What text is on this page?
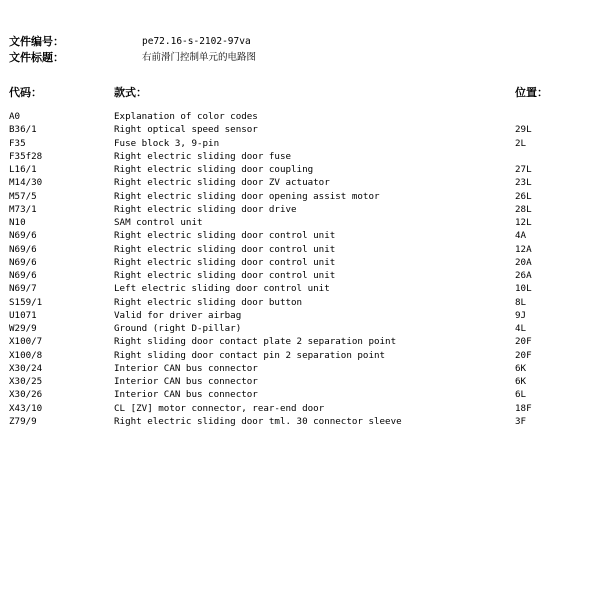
文件编号：	pe72.16-s-2102-97va
文件标题：	右前滑门控制单元的电路图
代码：	款式：	位置：
A0	Explanation of color codes
B36/1	Right optical speed sensor	29L
F35	Fuse block 3, 9-pin	2L
F35f28	Right electric sliding door fuse
L16/1	Right electric sliding door coupling	27L
M14/30	Right electric sliding door ZV actuator	23L
M57/5	Right electric sliding door opening assist motor	26L
M73/1	Right electric sliding door drive	28L
N10	SAM control unit	12L
N69/6	Right electric sliding door control unit	4A
N69/6	Right electric sliding door control unit	12A
N69/6	Right electric sliding door control unit	20A
N69/6	Right electric sliding door control unit	26A
N69/7	Left electric sliding door control unit	10L
S159/1	Right electric sliding door button	8L
U1071	Valid for driver airbag	9J
W29/9	Ground (right D-pillar)	4L
X100/7	Right sliding door contact plate 2 separation point	20F
X100/8	Right sliding door contact pin 2 separation point	20F
X30/24	Interior CAN bus connector	6K
X30/25	Interior CAN bus connector	6K
X30/26	Interior CAN bus connector	6L
X43/10	CL [ZV] motor connector, rear-end door	18F
Z79/9	Right electric sliding door tml. 30 connector sleeve	3F
